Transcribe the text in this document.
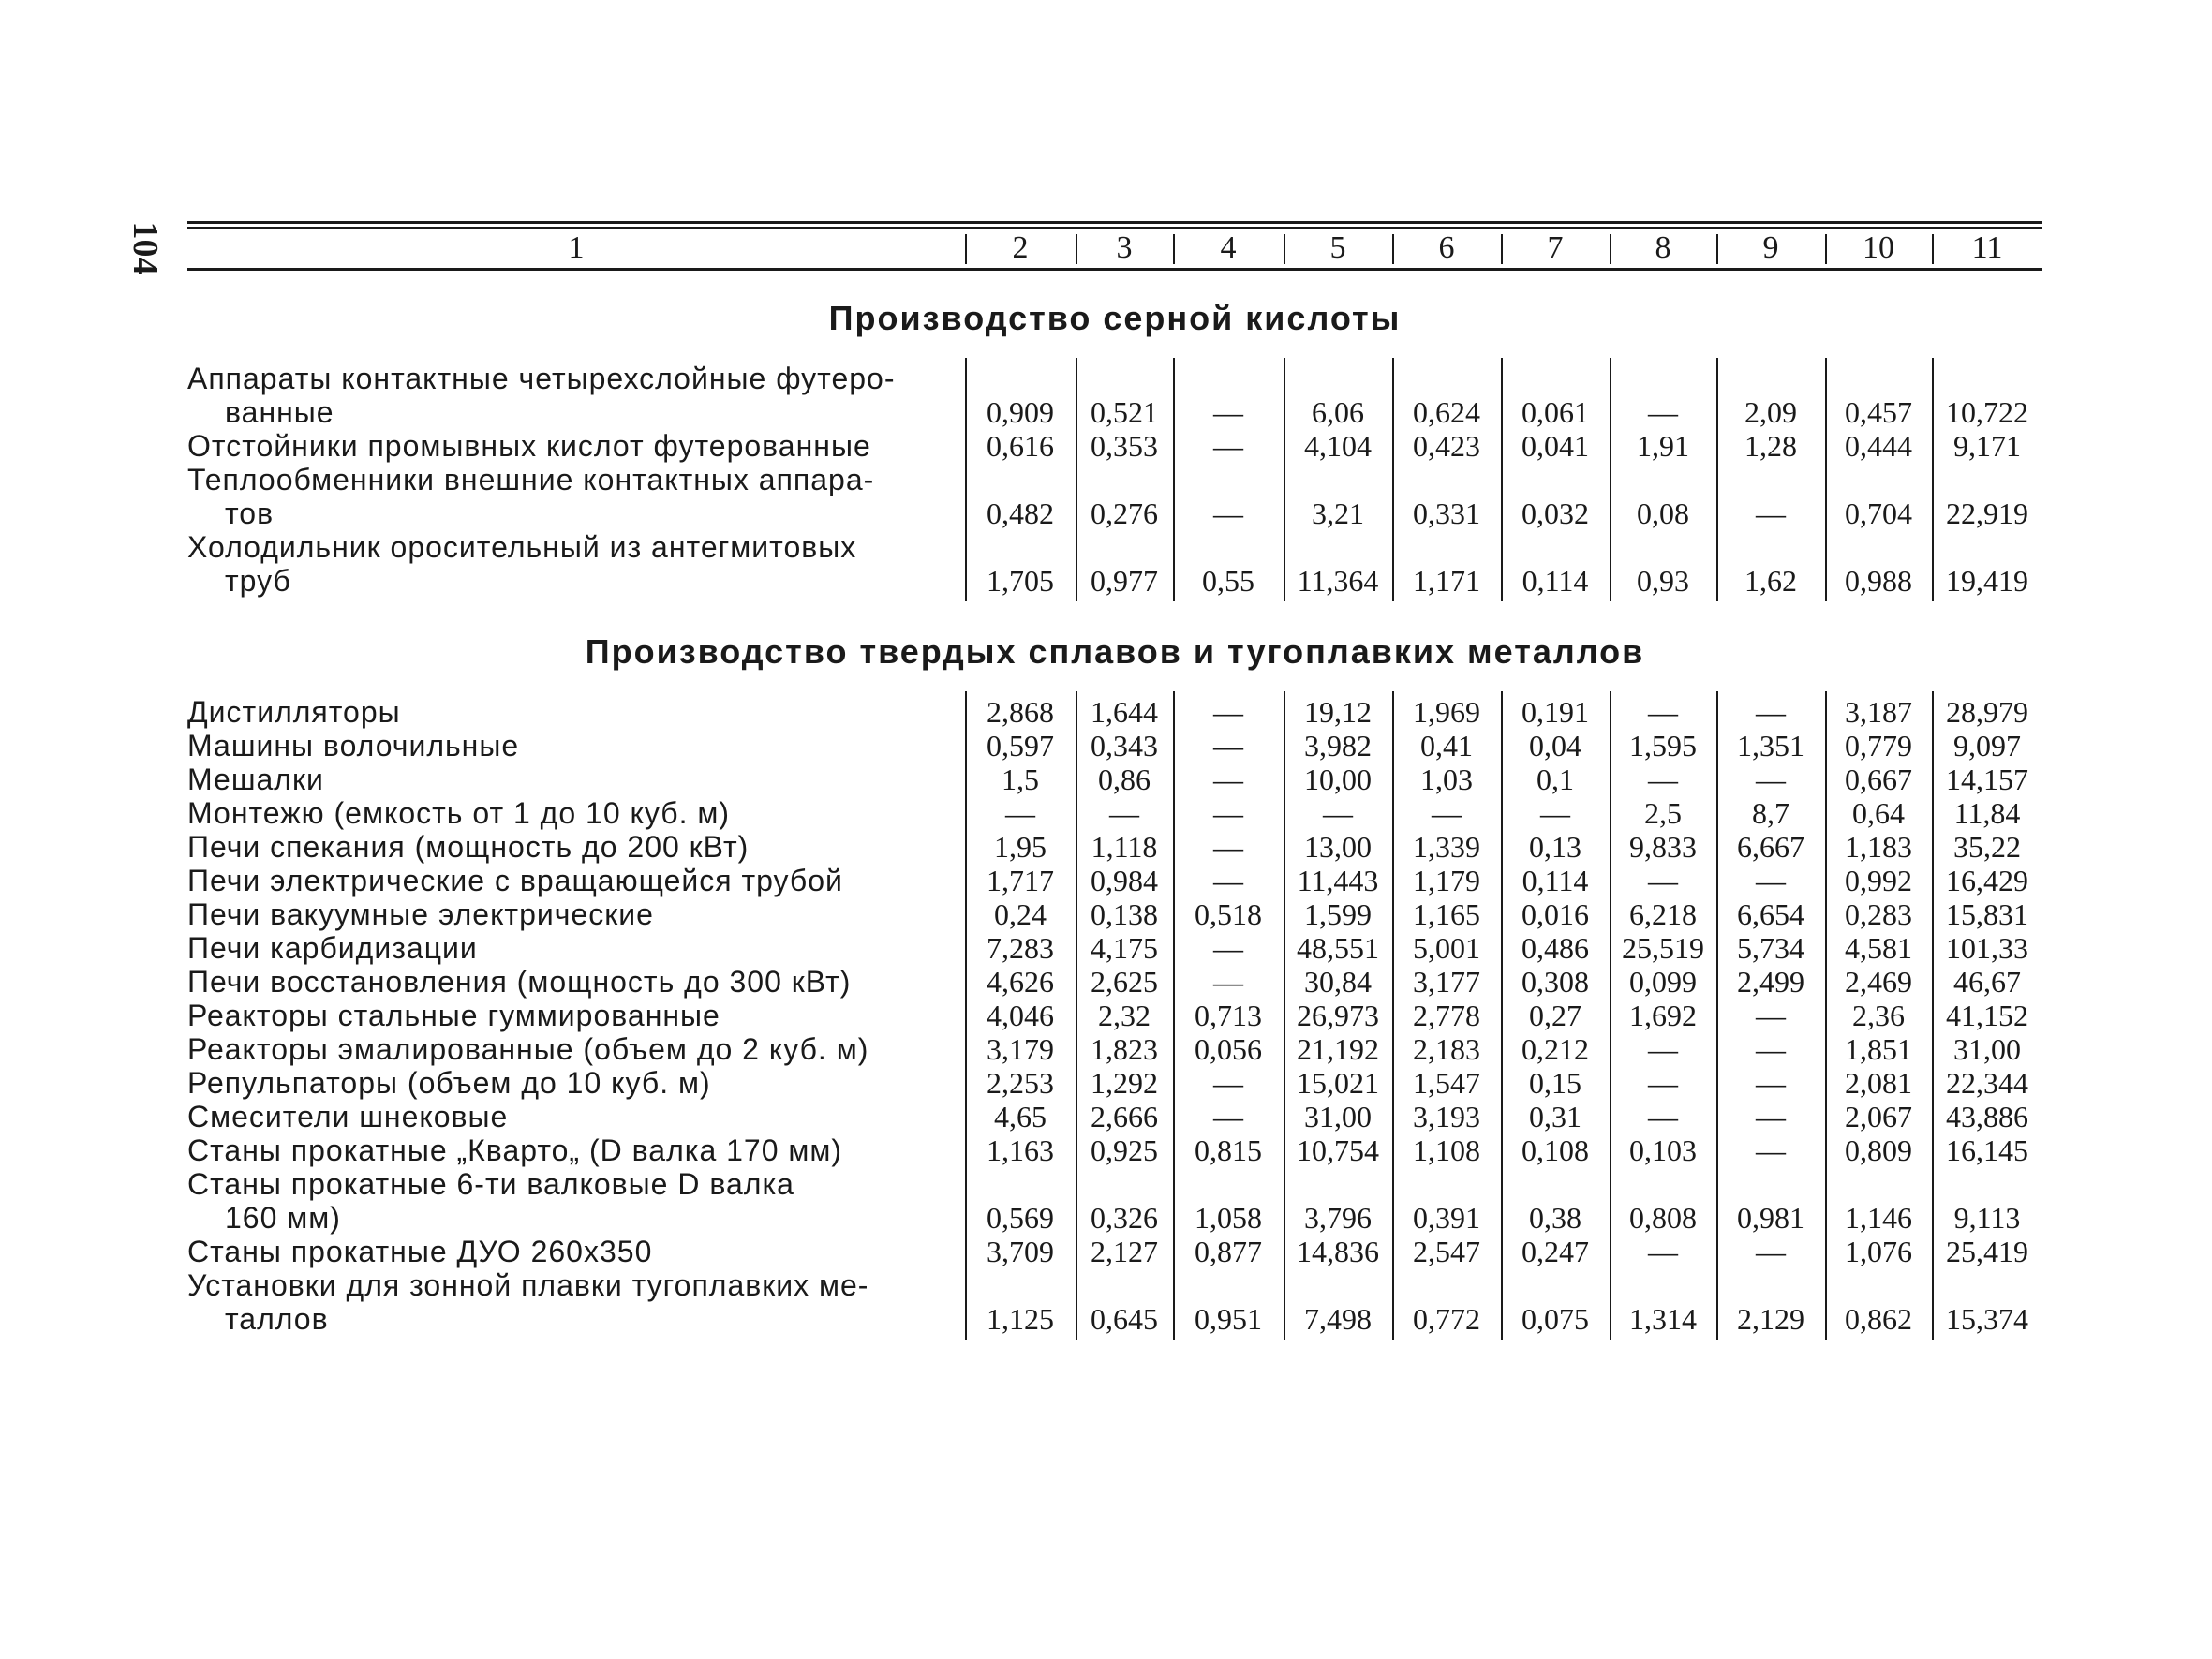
104	1	2	3	4	5	6	7	8	9	10	11
Производство серной кислоты
Аппараты контактные четырехслойные футеро-
ванные	0,909	0,521	—	6,06	0,624	0,061	—	2,09	0,457	10,722
Отстойники промывных кислот футерованные	0,616	0,353	—	4,104	0,423	0,041	1,91	1,28	0,444	9,171
Теплообменники внешние контактных аппара-
тов	0,482	0,276	—	3,21	0,331	0,032	0,08	—	0,704	22,919
Холодильник оросительный из антегмитовых
труб	1,705	0,977	0,55	11,364	1,171	0,114	0,93	1,62	0,988	19,419
Производство твердых сплавов и тугоплавких металлов
Дистилляторы	2,868	1,644	—	19,12	1,969	0,191	—	—	3,187	28,979
Машины волочильные	0,597	0,343	—	3,982	0,41	0,04	1,595	1,351	0,779	9,097
Мешалки	1,5	0,86	—	10,00	1,03	0,1	—	—	0,667	14,157
Монтежю (емкость от 1 до 10 куб. м)	—	—	—	—	—	—	2,5	8,7	0,64	11,84
Печи спекания (мощность до 200 кВт)	1,95	1,118	—	13,00	1,339	0,13	9,833	6,667	1,183	35,22
Печи электрические с вращающейся трубой	1,717	0,984	—	11,443	1,179	0,114	—	—	0,992	16,429
Печи вакуумные электрические	0,24	0,138	0,518	1,599	1,165	0,016	6,218	6,654	0,283	15,831
Печи карбидизации	7,283	4,175	—	48,551	5,001	0,486	25,519	5,734	4,581	101,33
Печи восстановления (мощность до 300 кВт)	4,626	2,625	—	30,84	3,177	0,308	0,099	2,499	2,469	46,67
Реакторы стальные гуммированные	4,046	2,32	0,713	26,973	2,778	0,27	1,692	—	2,36	41,152
Реакторы эмалированные (объем до 2 куб. м)	3,179	1,823	0,056	21,192	2,183	0,212	—	—	1,851	31,00
Репульпаторы (объем до 10 куб. м)	2,253	1,292	—	15,021	1,547	0,15	—	—	2,081	22,344
Смесители шнековые	4,65	2,666	—	31,00	3,193	0,31	—	—	2,067	43,886
Станы прокатные „Кварто„ (D валка 170 мм)	1,163	0,925	0,815	10,754	1,108	0,108	0,103	—	0,809	16,145
Станы прокатные 6-ти валковые D валка
160 мм)	0,569	0,326	1,058	3,796	0,391	0,38	0,808	0,981	1,146	9,113
Станы прокатные ДУО 260x350	3,709	2,127	0,877	14,836	2,547	0,247	—	—	1,076	25,419
Установки для зонной плавки тугоплавких ме-
таллов	1,125	0,645	0,951	7,498	0,772	0,075	1,314	2,129	0,862	15,374
